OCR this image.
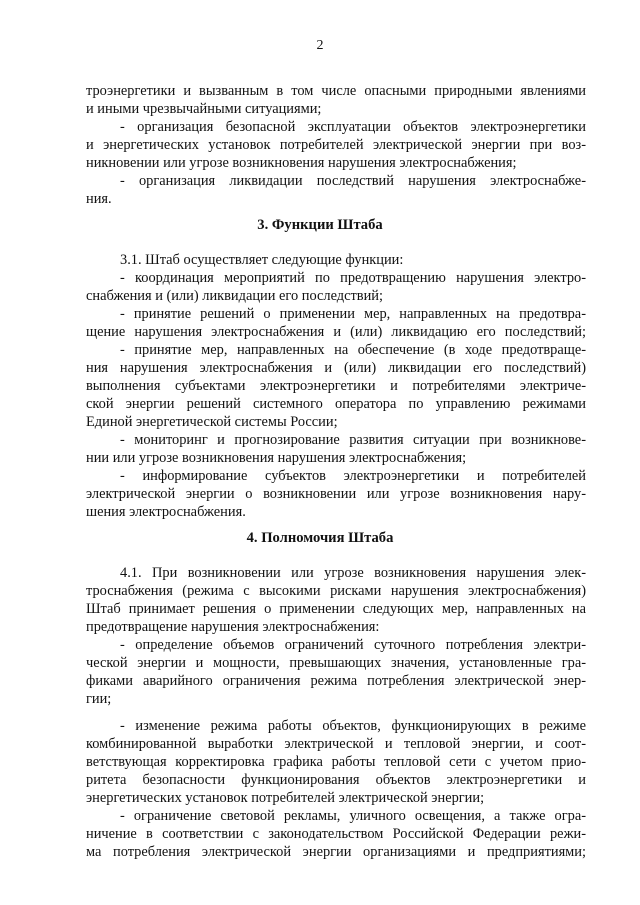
2
троэнергетики и вызванным в том числе опасными природными явлениями
и иными чрезвычайными ситуациями;
- организация безопасной эксплуатации объектов электроэнергетики
и энергетических установок потребителей электрической энергии при воз-
никновении или угрозе возникновения нарушения электроснабжения;
- организация ликвидации последствий нарушения электроснабже-
ния.
3. Функции Штаба
3.1. Штаб осуществляет следующие функции:
- координация мероприятий по предотвращению нарушения электро-
снабжения и (или) ликвидации его последствий;
- принятие решений о применении мер, направленных на предотвра-
щение нарушения электроснабжения и (или) ликвидацию его последствий;
- принятие мер, направленных на обеспечение (в ходе предотвраще-
ния нарушения электроснабжения и (или) ликвидации его последствий)
выполнения субъектами электроэнергетики и потребителями электриче-
ской энергии решений системного оператора по управлению режимами
Единой энергетической системы России;
- мониторинг и прогнозирование развития ситуации при возникнове-
нии или угрозе возникновения нарушения электроснабжения;
- информирование субъектов электроэнергетики и потребителей
электрической энергии о возникновении или угрозе возникновения нару-
шения электроснабжения.
4. Полномочия Штаба
4.1. При возникновении или угрозе возникновения нарушения элек-
троснабжения (режима с высокими рисками нарушения электроснабжения)
Штаб принимает решения о применении следующих мер, направленных на
предотвращение нарушения электроснабжения:
- определение объемов ограничений суточного потребления электри-
ческой энергии и мощности, превышающих значения, установленные гра-
фиками аварийного ограничения режима потребления электрической энер-
гии;
- изменение режима работы объектов, функционирующих в режиме
комбинированной выработки электрической и тепловой энергии, и соот-
ветствующая корректировка графика работы тепловой сети с учетом прио-
ритета безопасности функционирования объектов электроэнергетики и
энергетических установок потребителей электрической энергии;
- ограничение световой рекламы, уличного освещения, а также огра-
ничение в соответствии с законодательством Российской Федерации режи-
ма потребления электрической энергии организациями и предприятиями;
